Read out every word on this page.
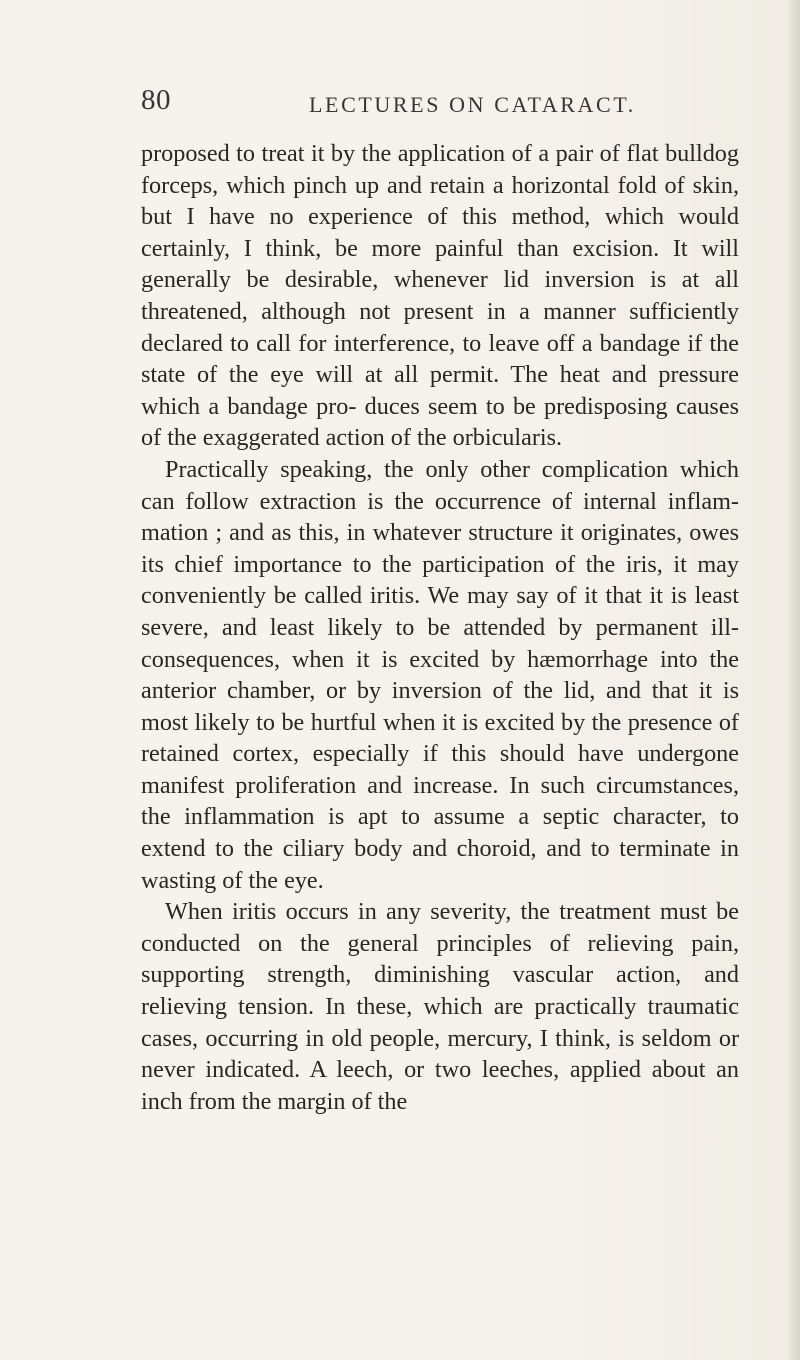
80	LECTURES ON CATARACT.

proposed to treat it by the application of a pair of flat bulldog forceps, which pinch up and retain a horizontal fold of skin, but I have no experience of this method, which would certainly, I think, be more painful than excision. It will generally be desirable, whenever lid inversion is at all threatened, although not present in a manner sufficiently declared to call for interference, to leave off a bandage if the state of the eye will at all permit. The heat and pressure which a bandage pro- duces seem to be predisposing causes of the exaggerated action of the orbicularis.

Practically speaking, the only other complication which can follow extraction is the occurrence of internal inflam- mation ; and as this, in whatever structure it originates, owes its chief importance to the participation of the iris, it may conveniently be called iritis. We may say of it that it is least severe, and least likely to be attended by permanent ill-consequences, when it is excited by hæmorrhage into the anterior chamber, or by inversion of the lid, and that it is most likely to be hurtful when it is excited by the presence of retained cortex, especially if this should have undergone manifest proliferation and increase. In such circumstances, the inflammation is apt to assume a septic character, to extend to the ciliary body and choroid, and to terminate in wasting of the eye.

When iritis occurs in any severity, the treatment must be conducted on the general principles of relieving pain, supporting strength, diminishing vascular action, and relieving tension. In these, which are practically traumatic cases, occurring in old people, mercury, I think, is seldom or never indicated. A leech, or two leeches, applied about an inch from the margin of the
